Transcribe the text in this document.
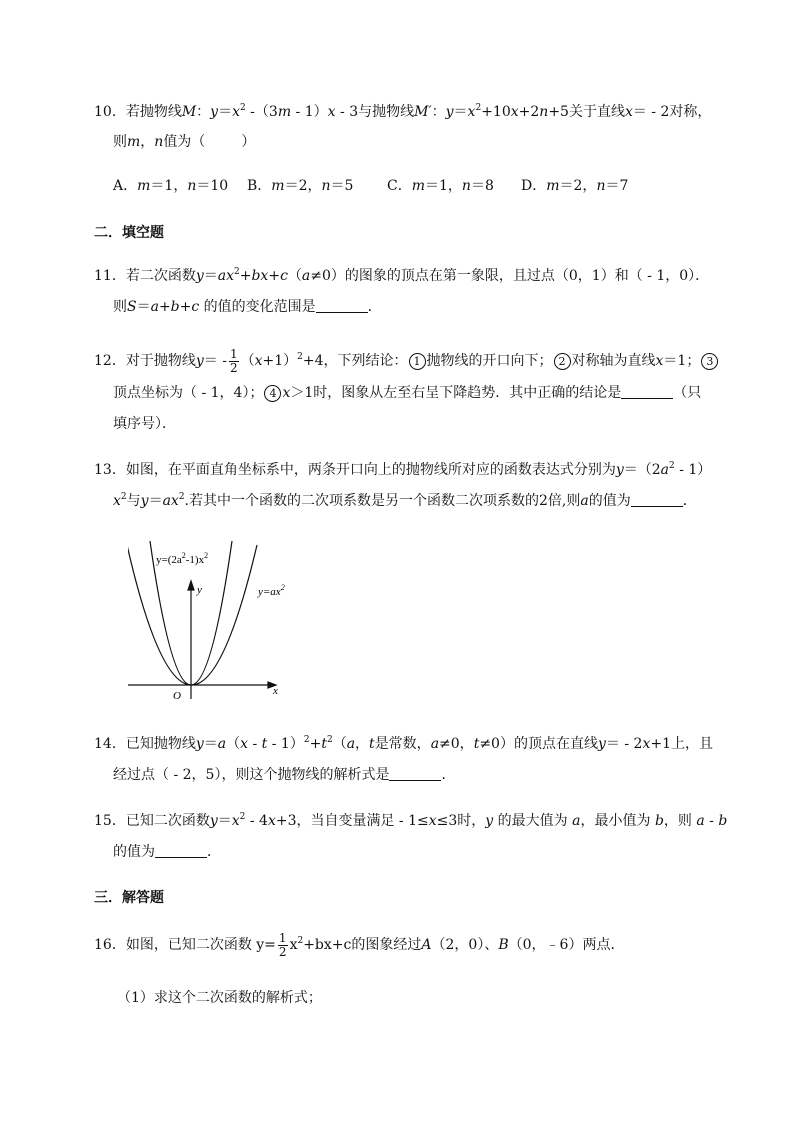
10．若抛物线M：$y=x^2$ -（3m - 1）x - 3与抛物线M′：$y=x^2+10x+2n+5$关于直线x＝ - 2对称，
则m，n值为（	）
A．m＝1，n＝10 B．m＝2，n＝5 C．m＝1，n＝8 D．m＝2，n＝7
二．填空题
11．若二次函数$y=ax^2+bx+c(a\ne 0)$的图象的顶点在第一象限，且过点（0，1）和（ - 1，0）．
则S＝a+b+c 的值的变化范围是	．
12．对于抛物线$y= - \frac{1}{2} (x+1)^2+4$，下列结论： 1 抛物线的开口向下； 2 对称轴为直线x＝1； 3
顶点坐标为（ - 1，4）； 4 x＞1时，图象从左至右呈下降趋势．其中正确的结论是	（只
填序号）．
13．如图，在平面直角坐标系中，两条开口向上的抛物线所对应的函数表达式分别为$y=(2a^2 - 1)$
$x^2$与$y=ax^2$.若其中一个函数的二次项系数是另一个函数二次项系数的2倍,则a的值为	．
$y=(2a^2-1)x^2$
$y=ax^2$
y
x
O
14．已知抛物线$y=a(x - t - 1)^2+t^2(a$，t是常数，a≠0，t≠0）的顶点在直线y＝ - 2x+1上，且
经过点（ - 2，5），则这个抛物线的解析式是	．
15．已知二次函数$y=x^2 - 4x+3$，当自变量满足 - 1≤x≤3时，y 的最大值为 a，最小值为 b，则 a - b
的值为	．
三．解答题
16．如图，已知二次函数 $y= \frac{1}{2} x^2+bx+c$的图象经过A（2，0）、B（0，﹣6）两点．
（1）求这个二次函数的解析式；
